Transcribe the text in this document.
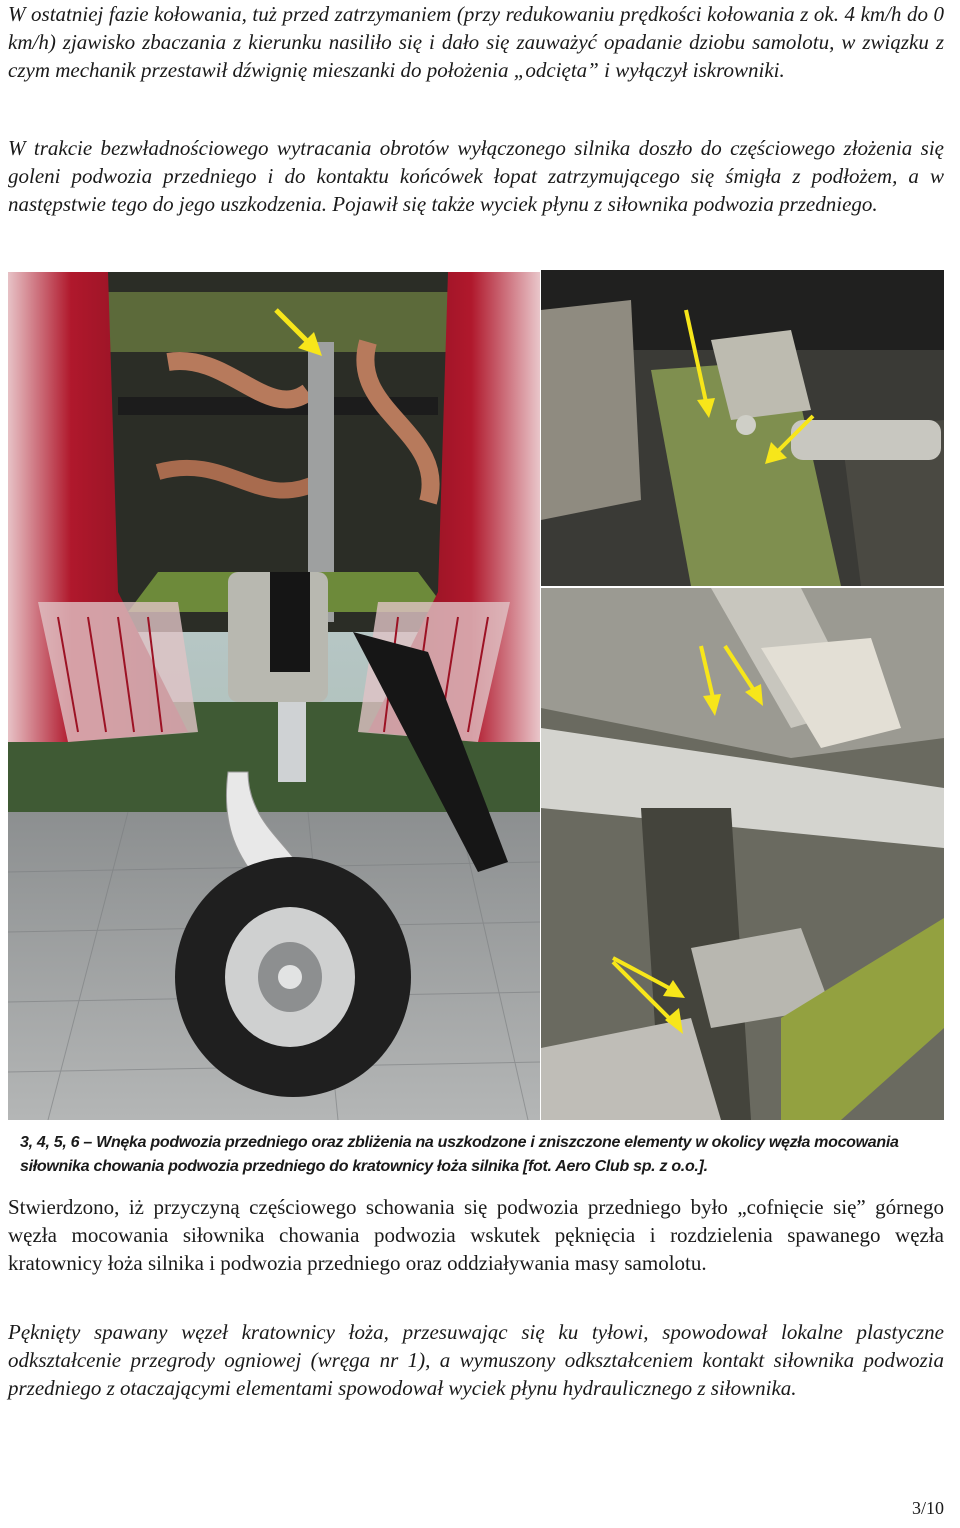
W ostatniej fazie kołowania, tuż przed zatrzymaniem (przy redukowaniu prędkości kołowania z ok. 4 km/h do 0 km/h) zjawisko zbaczania z kierunku nasiliło się i dało się zauważyć opadanie dziobu samolotu, w związku z czym mechanik przestawił dźwignię mieszanki do położenia „odcięta” i wyłączył iskrowniki.

W trakcie bezwładnościowego wytracania obrotów wyłączonego silnika doszło do częściowego złożenia się goleni podwozia przedniego i do kontaktu końcówek łopat zatrzymującego się śmigła z podłożem, a w następstwie tego do jego uszkodzenia. Pojawił się także wyciek płynu z siłownika podwozia przedniego.

3, 4, 5, 6 – Wnęka podwozia przedniego oraz zbliżenia na uszkodzone i zniszczone elementy w okolicy węzła mocowania siłownika chowania podwozia przedniego do kratownicy łoża silnika [fot. Aero Club sp. z o.o.].

Stwierdzono, iż przyczyną częściowego schowania się podwozia przedniego było „cofnięcie się” górnego węzła mocowania siłownika chowania podwozia wskutek pęknięcia i rozdzielenia spawanego węzła kratownicy łoża silnika i podwozia przedniego oraz oddziaływania masy samolotu.

Pęknięty spawany węzeł kratownicy łoża, przesuwając się ku tyłowi, spowodował lokalne plastyczne odkształcenie przegrody ogniowej (wręga nr 1), a wymuszony odkształceniem kontakt siłownika podwozia przedniego z otaczającymi elementami spowodował wyciek płynu hydraulicznego z siłownika.

3/10
